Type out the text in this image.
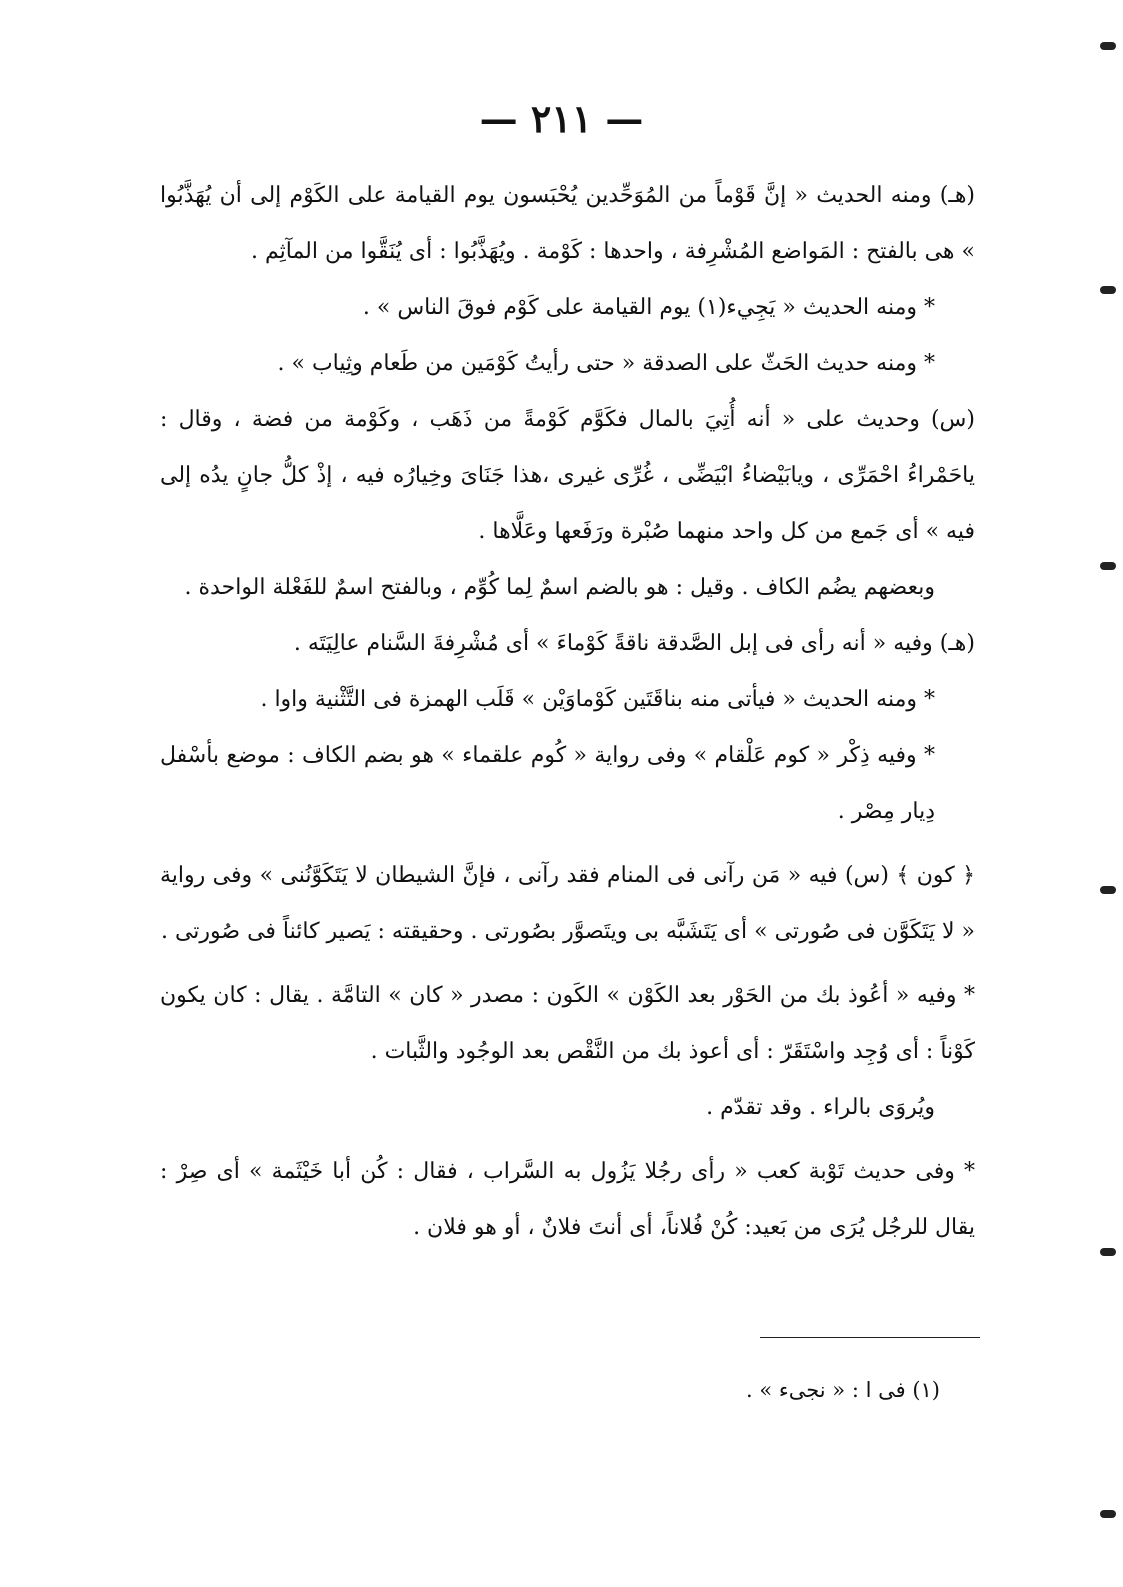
— ٢١١ —

(هـ) ومنه الحديث « إنَّ قَوْماً من المُوَحِّدين يُحْبَسون يوم القيامة على الكَوْم إلى أن يُهَذَّبُوا » هى بالفتح : المَواضع المُشْرِفة ، واحدها : كَوْمة . ويُهَذَّبُوا : أى يُنَقَّوا من المآثِم .

* ومنه الحديث « يَجِيء(١) يوم القيامة على كَوْم فوقَ الناس » .

* ومنه حديث الحَثّ على الصدقة « حتى رأيتُ كَوْمَين من طَعام وثِياب » .

(س) وحديث على « أنه أُتِيَ بالمال فكَوَّم كَوْمةً من ذَهَب ، وكَوْمة من فضة ، وقال : ياحَمْراءُ احْمَرِّى ، ويابَيْضاءُ ابْيَضِّى ، غُرِّى غيرى ،هذا جَنَاىَ وخِيارُه فيه ، إذْ كلُّ جانٍ يدُه إلى فيه » أى جَمع من كل واحد منهما صُبْرة ورَفَعها وعَلَّاها .

وبعضهم يضُم الكاف . وقيل : هو بالضم اسمٌ لِما كُوِّم ، وبالفتح اسمٌ للفَعْلة الواحدة .

(هـ) وفيه « أنه رأى فى إبل الصَّدقة ناقةً كَوْماءَ » أى مُشْرِفةَ السَّنام عالِيَتَه .

* ومنه الحديث « فيأتى منه بناقَتَين كَوْماوَيْن » قَلَب الهمزة فى التَّثْنية واوا .

* وفيه ذِكْر « كوم عَلْقام » وفى رواية « كُوم علقماء » هو بضم الكاف : موضع بأسْفل دِيار مِصْر .

﴿ كون ﴾ (س) فيه « مَن رآنى فى المنام فقد رآنى ، فإنَّ الشيطان لا يَتَكَوَّنُنى » وفى رواية « لا يَتَكَوَّن فى صُورتى » أى يَتَشَبَّه بى ويتَصوَّر بصُورتى . وحقيقته : يَصير كائناً فى صُورتى .

* وفيه « أعُوذ بك من الحَوْر بعد الكَوْن » الكَون : مصدر « كان » التامَّة . يقال : كان يكون كَوْناً : أى وُجِد واسْتَقَرّ : أى أعوذ بك من النَّقْص بعد الوجُود والثَّبات .

ويُروَى بالراء . وقد تقدّم .

* وفى حديث تَوْبة كعب « رأى رجُلا يَزُول به السَّراب ، فقال : كُن أبا خَيْثَمة » أى صِرْ : يقال للرجُل يُرَى من بَعيد: كُنْ فُلاناً، أى أنتَ فلانٌ ، أو هو فلان .

(١) فى ا : « نجىء » .
